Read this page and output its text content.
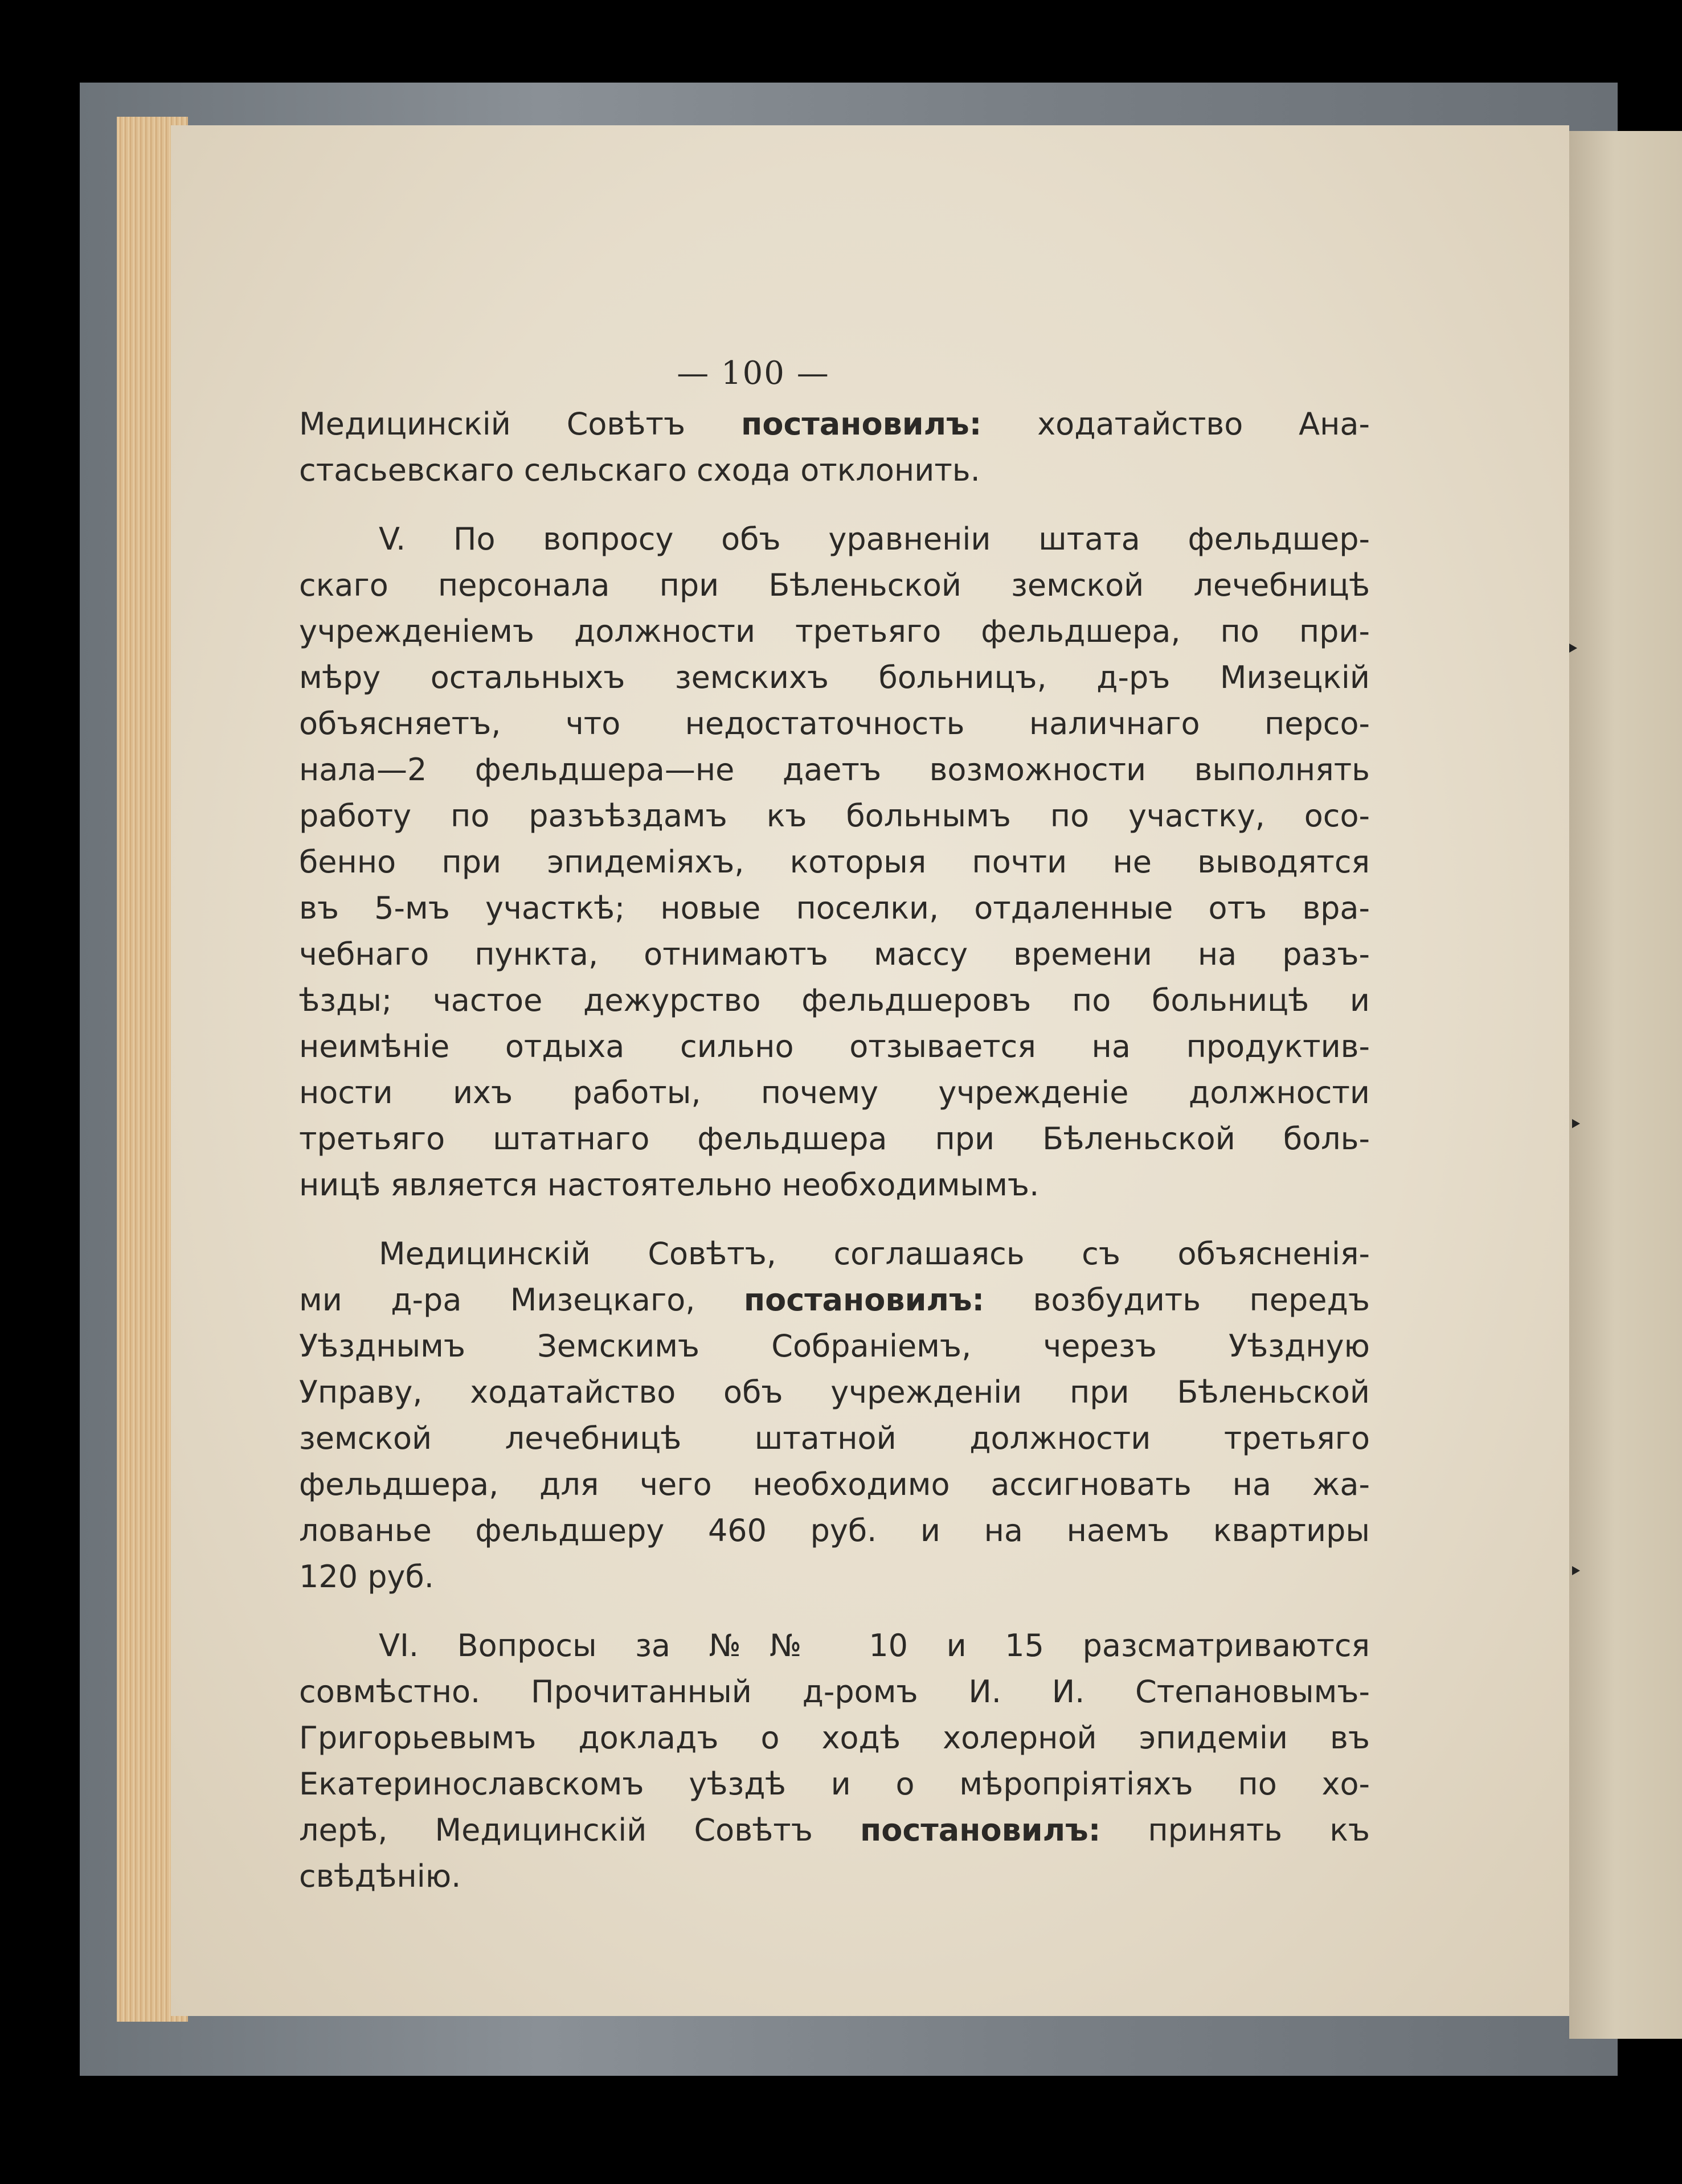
— 100 —
Медицинскій Совѣтъ постановилъ: ходатайство Ана-
стасьевскаго сельскаго схода отклонить.
V. По вопросу объ уравненіи штата фельдшер-
скаго персонала при Бѣленьской земской лечебницѣ
учрежденіемъ должности третьяго фельдшера, по при-
мѣру остальныхъ земскихъ больницъ, д-ръ Мизецкій
объясняетъ, что недостаточность наличнаго персо-
нала—2 фельдшера—не даетъ возможности выполнять
работу по разъѣздамъ къ больнымъ по участку, осо-
бенно при эпидеміяхъ, которыя почти не выводятся
въ 5-мъ участкѣ; новые поселки, отдаленные отъ вра-
чебнаго пункта, отнимаютъ массу времени на разъ-
ѣзды; частое дежурство фельдшеровъ по больницѣ и
неимѣніе отдыха сильно отзывается на продуктив-
ности ихъ работы, почему учрежденіе должности
третьяго штатнаго фельдшера при Бѣленьской боль-
ницѣ является настоятельно необходимымъ.
Медицинскій Совѣтъ, соглашаясь съ объясненія-
ми д-ра Мизецкаго, постановилъ: возбудить передъ
Уѣзднымъ Земскимъ Собраніемъ, черезъ Уѣздную
Управу, ходатайство объ учрежденіи при Бѣленьской
земской лечебницѣ штатной должности третьяго
фельдшера, для чего необходимо ассигновать на жа-
лованье фельдшеру 460 руб. и на наемъ квартиры
120 руб.
VI. Вопросы за №№ 10 и 15 разсматриваются
совмѣстно. Прочитанный д-ромъ И. И. Степановымъ-
Григорьевымъ докладъ о ходѣ холерной эпидеміи въ
Екатеринославскомъ уѣздѣ и о мѣропріятіяхъ по хо-
лерѣ, Медицинскій Совѣтъ постановилъ: принять къ
свѣдѣнію.
